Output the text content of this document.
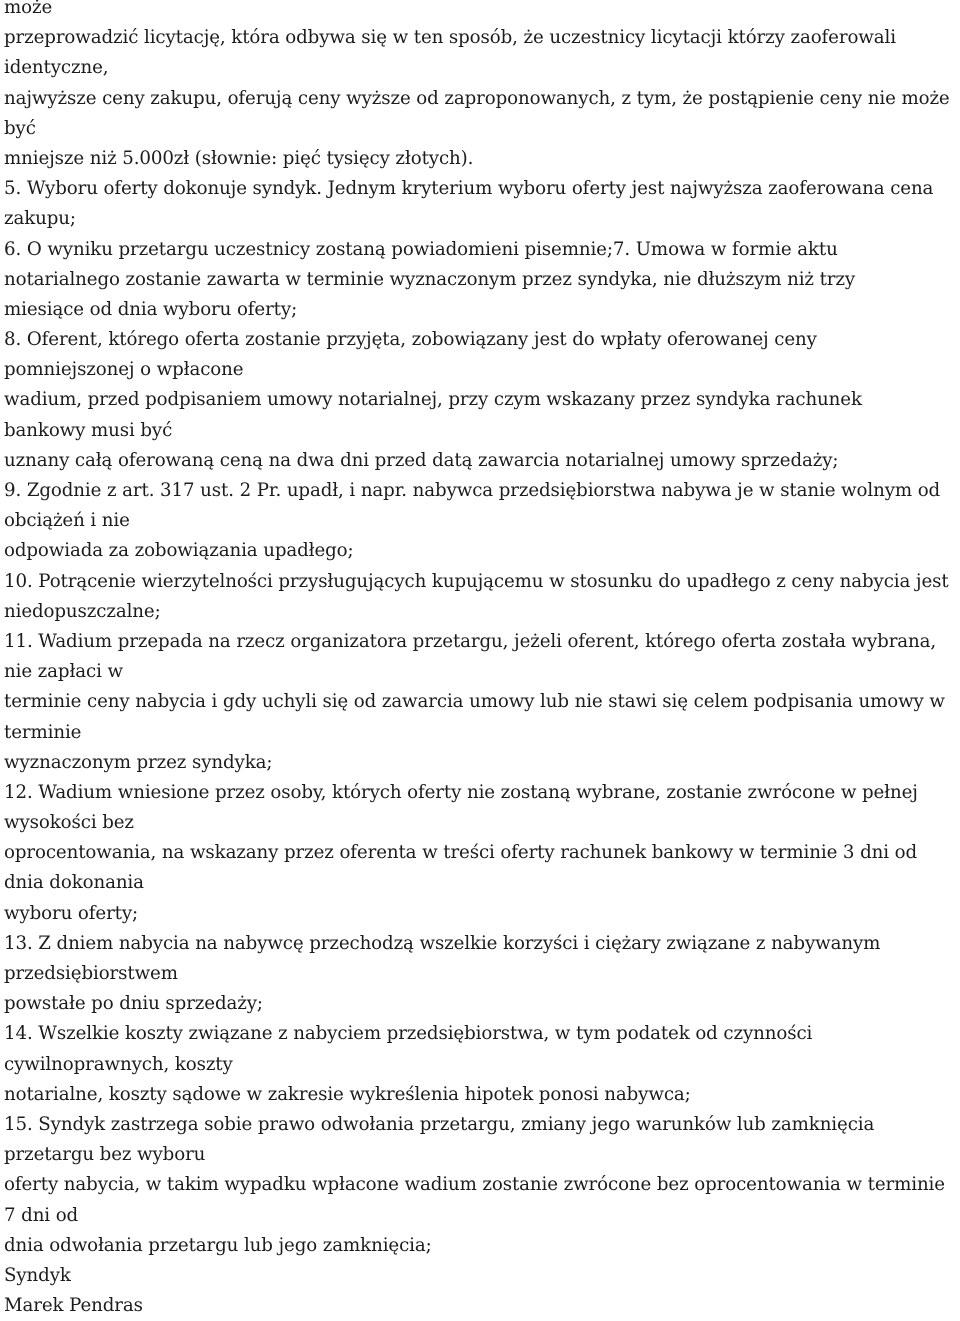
może
przeprowadzić licytację, która odbywa się w ten sposób, że uczestnicy licytacji którzy zaoferowali
identyczne,
najwyższe ceny zakupu, oferują ceny wyższe od zaproponowanych, z tym, że postąpienie ceny nie może
być
mniejsze niż 5.000zł (słownie: pięć tysięcy złotych).
5. Wyboru oferty dokonuje syndyk. Jednym kryterium wyboru oferty jest najwyższa zaoferowana cena
zakupu;
6. O wyniku przetargu uczestnicy zostaną powiadomieni pisemnie;7. Umowa w formie aktu
notarialnego zostanie zawarta w terminie wyznaczonym przez syndyka, nie dłuższym niż trzy
miesiące od dnia wyboru oferty;
8. Oferent, którego oferta zostanie przyjęta, zobowiązany jest do wpłaty oferowanej ceny
pomniejszonej o wpłacone
wadium, przed podpisaniem umowy notarialnej, przy czym wskazany przez syndyka rachunek
bankowy musi być
uznany całą oferowaną ceną na dwa dni przed datą zawarcia notarialnej umowy sprzedaży;
9. Zgodnie z art. 317 ust. 2 Pr. upadł, i napr. nabywca przedsiębiorstwa nabywa je w stanie wolnym od
obciążeń i nie
odpowiada za zobowiązania upadłego;
10. Potrącenie wierzytelności przysługujących kupującemu w stosunku do upadłego z ceny nabycia jest
niedopuszczalne;
11. Wadium przepada na rzecz organizatora przetargu, jeżeli oferent, którego oferta została wybrana,
nie zapłaci w
terminie ceny nabycia i gdy uchyli się od zawarcia umowy lub nie stawi się celem podpisania umowy w
terminie
wyznaczonym przez syndyka;
12. Wadium wniesione przez osoby, których oferty nie zostaną wybrane, zostanie zwrócone w pełnej
wysokości bez
oprocentowania, na wskazany przez oferenta w treści oferty rachunek bankowy w terminie 3 dni od
dnia dokonania
wyboru oferty;
13. Z dniem nabycia na nabywcę przechodzą wszelkie korzyści i ciężary związane z nabywanym
przedsiębiorstwem
powstałe po dniu sprzedaży;
14. Wszelkie koszty związane z nabyciem przedsiębiorstwa, w tym podatek od czynności
cywilnoprawnych, koszty
notarialne, koszty sądowe w zakresie wykreślenia hipotek ponosi nabywca;
15. Syndyk zastrzega sobie prawo odwołania przetargu, zmiany jego warunków lub zamknięcia
przetargu bez wyboru
oferty nabycia, w takim wypadku wpłacone wadium zostanie zwrócone bez oprocentowania w terminie
7 dni od
dnia odwołania przetargu lub jego zamknięcia;
Syndyk
Marek Pendras
